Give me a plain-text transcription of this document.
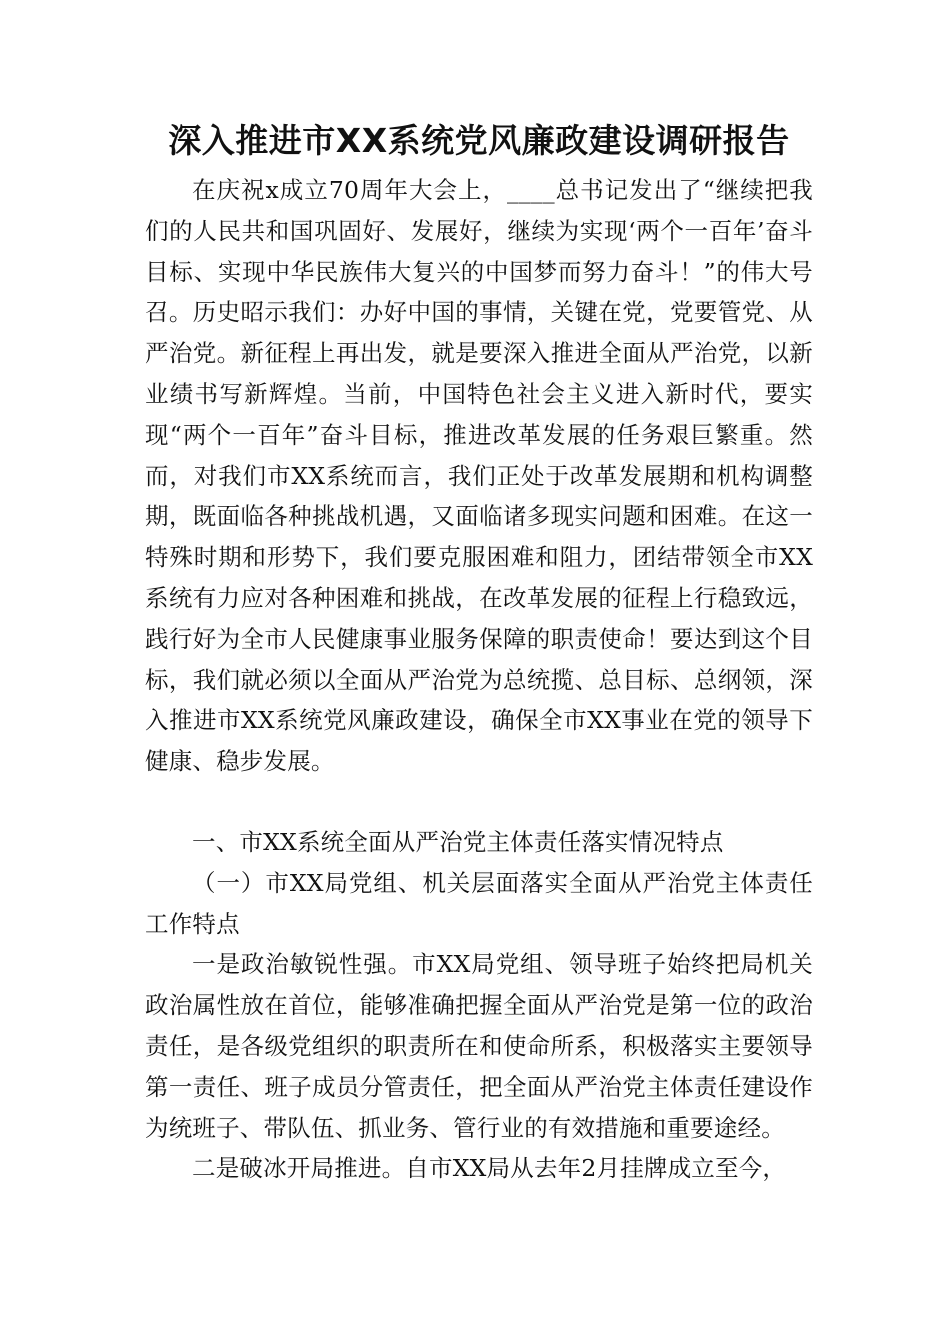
深入推进市XX系统党风廉政建设调研报告

在庆祝x成立70周年大会上，____总书记发出了“继续把我们的人民共和国巩固好、发展好，继续为实现‘两个一百年’奋斗目标、实现中华民族伟大复兴的中国梦而努力奋斗！”的伟大号召。历史昭示我们：办好中国的事情，关键在党，党要管党、从严治党。新征程上再出发，就是要深入推进全面从严治党，以新业绩书写新辉煌。当前，中国特色社会主义进入新时代，要实现“两个一百年”奋斗目标，推进改革发展的任务艰巨繁重。然而，对我们市XX系统而言，我们正处于改革发展期和机构调整期，既面临各种挑战机遇，又面临诸多现实问题和困难。在这一特殊时期和形势下，我们要克服困难和阻力，团结带领全市XX系统有力应对各种困难和挑战，在改革发展的征程上行稳致远，践行好为全市人民健康事业服务保障的职责使命！要达到这个目标，我们就必须以全面从严治党为总统揽、总目标、总纲领，深入推进市XX系统党风廉政建设，确保全市XX事业在党的领导下健康、稳步发展。

一、市XX系统全面从严治党主体责任落实情况特点

（一）市XX局党组、机关层面落实全面从严治党主体责任工作特点

一是政治敏锐性强。市XX局党组、领导班子始终把局机关政治属性放在首位，能够准确把握全面从严治党是第一位的政治责任，是各级党组织的职责所在和使命所系，积极落实主要领导第一责任、班子成员分管责任，把全面从严治党主体责任建设作为统班子、带队伍、抓业务、管行业的有效措施和重要途经。

二是破冰开局推进。自市XX局从去年2月挂牌成立至今，
